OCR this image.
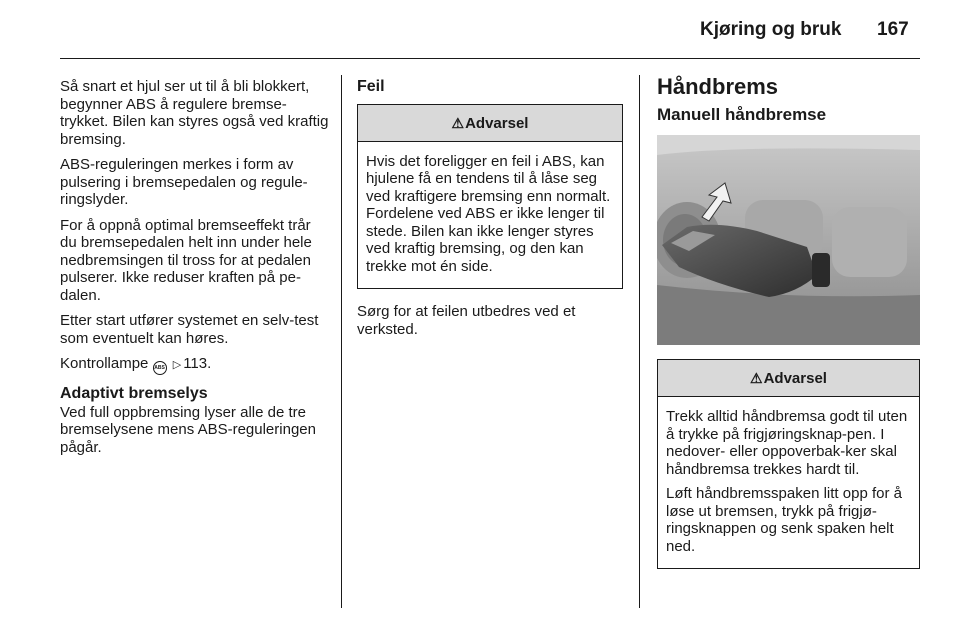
Kjøring og bruk 167

Så snart et hjul ser ut til å bli blokkert, begynner ABS å regulere bremse-trykket. Bilen kan styres også ved kraftig bremsing.

ABS-reguleringen merkes i form av pulsering i bremsepedalen og regule-ringslyder.

For å oppnå optimal bremseeffekt trår du bremsepedalen helt inn under hele nedbremsingen til tross for at pedalen pulserer. Ikke reduser kraften på pe-dalen.

Etter start utfører systemet en selv-test som eventuelt kan høres.

Kontrollampe ABS ▷ 113.

Adaptivt bremselys

Ved full oppbremsing lyser alle de tre bremselysene mens ABS-reguleringen pågår.

Feil
⚠Advarsel

Hvis det foreligger en feil i ABS, kan hjulene få en tendens til å låse seg ved kraftigere bremsing enn normalt. Fordelene ved ABS er ikke lenger til stede. Bilen kan ikke lenger styres ved kraftig bremsing, og den kan trekke mot én side.

Sørg for at feilen utbedres ved et verksted.

Håndbrems
Manuell håndbremse
⚠Advarsel

Trekk alltid håndbremsa godt til uten å trykke på frigjøringsknap-pen. I nedover- eller oppoverbak-ker skal håndbremsa trekkes hardt til.

Løft håndbremsspaken litt opp for å løse ut bremsen, trykk på frigjø-ringsknappen og senk spaken helt ned.
